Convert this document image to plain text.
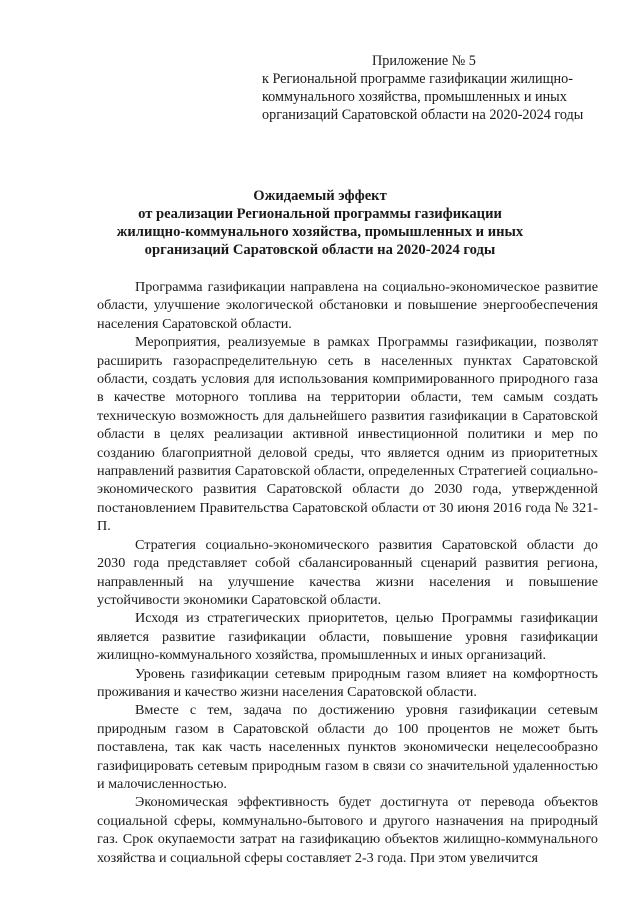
Приложение № 5
к Региональной программе газификации жилищно-
коммунального хозяйства, промышленных и иных
организаций Саратовской области на 2020-2024 годы
Ожидаемый эффект
от реализации Региональной программы газификации
жилищно-коммунального хозяйства, промышленных и иных
организаций Саратовской области на 2020-2024 годы

Программа газификации направлена на социально-экономическое развитие области, улучшение экологической обстановки и повышение энергообеспечения населения Саратовской области.

Мероприятия, реализуемые в рамках Программы газификации, позволят расширить газораспределительную сеть в населенных пунктах Саратовской области, создать условия для использования компримированного природного газа в качестве моторного топлива на территории области, тем самым создать техническую возможность для дальнейшего развития газификации в Саратовской области в целях реализации активной инвестиционной политики и мер по созданию благоприятной деловой среды, что является одним из приоритетных направлений развития Саратовской области, определенных Стратегией социально-экономического развития Саратовской области до 2030 года, утвержденной постановлением Правительства Саратовской области от 30 июня 2016 года № 321-П.

Стратегия социально-экономического развития Саратовской области до 2030 года представляет собой сбалансированный сценарий развития региона, направленный на улучшение качества жизни населения и повышение устойчивости экономики Саратовской области.

Исходя из стратегических приоритетов, целью Программы газификации является развитие газификации области, повышение уровня газификации жилищно-коммунального хозяйства, промышленных и иных организаций.

Уровень газификации сетевым природным газом влияет на комфортность проживания и качество жизни населения Саратовской области.

Вместе с тем, задача по достижению уровня газификации сетевым природным газом в Саратовской области до 100 процентов не может быть поставлена, так как часть населенных пунктов экономически нецелесообразно газифицировать сетевым природным газом в связи со значительной удаленностью и малочисленностью.

Экономическая эффективность будет достигнута от перевода объектов социальной сферы, коммунально-бытового и другого назначения на природный газ. Срок окупаемости затрат на газификацию объектов жилищно-коммунального хозяйства и социальной сферы составляет 2-3 года. При этом увеличится
